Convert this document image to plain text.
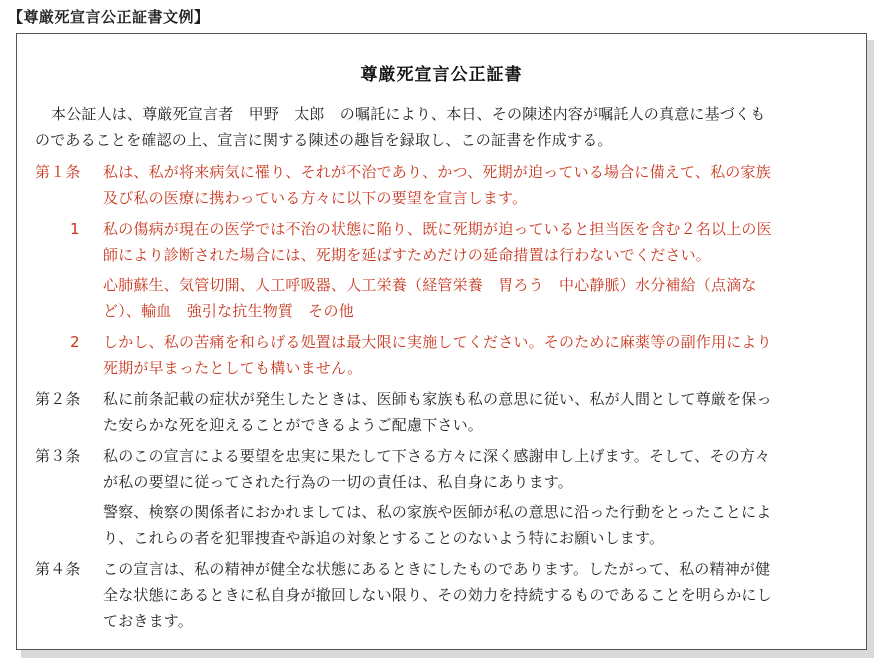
【尊厳死宣言公正証書文例】
尊厳死宣言公正証書
本公証人は、尊厳死宣言者　甲野　太郎　の嘱託により、本日、その陳述内容が嘱託人の真意に基づくも
のであることを確認の上、宣言に関する陳述の趣旨を録取し、この証書を作成する。
第１条 私は、私が将来病気に罹り、それが不治であり、かつ、死期が迫っている場合に備えて、私の家族
及び私の医療に携わっている方々に以下の要望を宣言します。
1 私の傷病が現在の医学では不治の状態に陥り、既に死期が迫っていると担当医を含む２名以上の医
師により診断された場合には、死期を延ばすためだけの延命措置は行わないでください。
心肺蘇生、気管切開、人工呼吸器、人工栄養（経管栄養　胃ろう　中心静脈）水分補給（点滴な
ど）、輸血　強引な抗生物質　その他
2 しかし、私の苦痛を和らげる処置は最大限に実施してください。そのために麻薬等の副作用により
死期が早まったとしても構いません。
第２条 私に前条記載の症状が発生したときは、医師も家族も私の意思に従い、私が人間として尊厳を保っ
た安らかな死を迎えることができるようご配慮下さい。
第３条 私のこの宣言による要望を忠実に果たして下さる方々に深く感謝申し上げます。そして、その方々
が私の要望に従ってされた行為の一切の責任は、私自身にあります。
警察、検察の関係者におかれましては、私の家族や医師が私の意思に沿った行動をとったことによ
り、これらの者を犯罪捜査や訴追の対象とすることのないよう特にお願いします。
第４条 この宣言は、私の精神が健全な状態にあるときにしたものであります。したがって、私の精神が健
全な状態にあるときに私自身が撤回しない限り、その効力を持続するものであることを明らかにし
ておきます。
